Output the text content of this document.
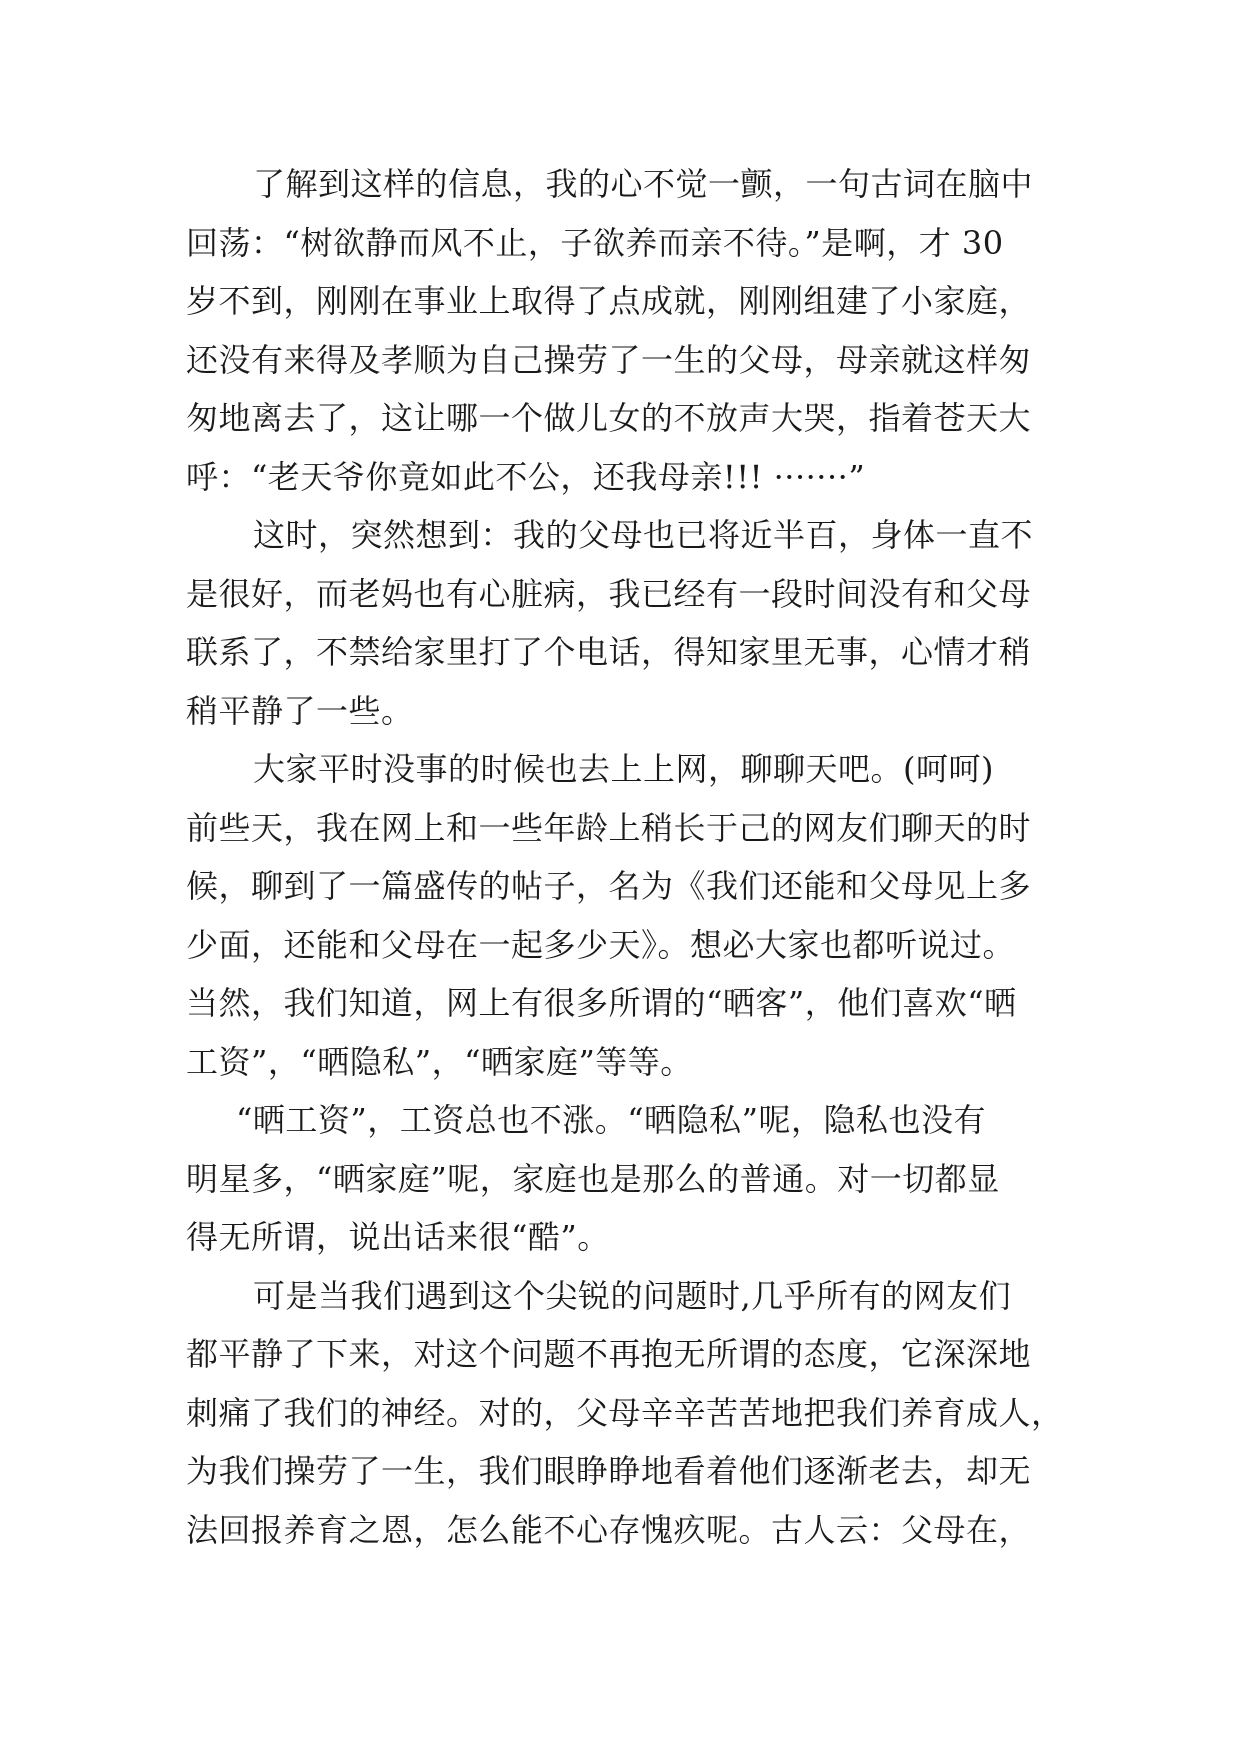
了解到这样的信息，我的心不觉一颤，一句古词在脑中
回荡：“树欲静而风不止，子欲养而亲不待。”是啊，才 30
岁不到，刚刚在事业上取得了点成就，刚刚组建了小家庭，
还没有来得及孝顺为自己操劳了一生的父母，母亲就这样匆
匆地离去了，这让哪一个做儿女的不放声大哭，指着苍天大
呼：“老天爷你竟如此不公，还我母亲!!! ·······”
这时，突然想到：我的父母也已将近半百，身体一直不
是很好，而老妈也有心脏病，我已经有一段时间没有和父母
联系了，不禁给家里打了个电话，得知家里无事，心情才稍
稍平静了一些。
大家平时没事的时候也去上上网，聊聊天吧。(呵呵)
前些天，我在网上和一些年龄上稍长于己的网友们聊天的时
候，聊到了一篇盛传的帖子，名为《我们还能和父母见上多
少面，还能和父母在一起多少天》。想必大家也都听说过。
当然，我们知道，网上有很多所谓的“晒客”，他们喜欢“晒
工资”，“晒隐私”，“晒家庭”等等。
“晒工资”，工资总也不涨。“晒隐私”呢，隐私也没有
明星多，“晒家庭”呢，家庭也是那么的普通。对一切都显
得无所谓，说出话来很“酷”。
可是当我们遇到这个尖锐的问题时,几乎所有的网友们
都平静了下来，对这个问题不再抱无所谓的态度，它深深地
刺痛了我们的神经。对的，父母辛辛苦苦地把我们养育成人，
为我们操劳了一生，我们眼睁睁地看着他们逐渐老去，却无
法回报养育之恩，怎么能不心存愧疚呢。古人云：父母在，
